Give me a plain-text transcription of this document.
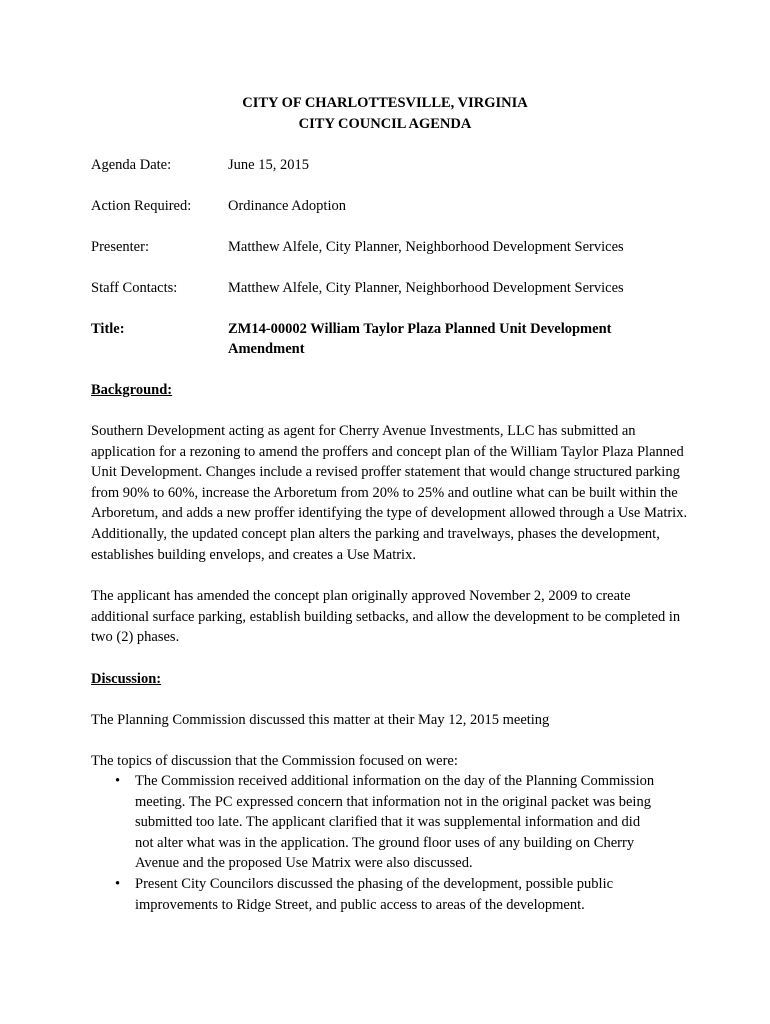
CITY OF CHARLOTTESVILLE, VIRGINIA
CITY COUNCIL AGENDA
Agenda Date:	June 15, 2015
Action Required:	Ordinance Adoption
Presenter:	Matthew Alfele, City Planner, Neighborhood Development Services
Staff Contacts:	Matthew Alfele, City Planner, Neighborhood Development Services
Title:	ZM14-00002 William Taylor Plaza Planned Unit Development Amendment
Background:

Southern Development acting as agent for Cherry Avenue Investments, LLC has submitted an application for a rezoning to amend the proffers and concept plan of the William Taylor Plaza Planned Unit Development. Changes include a revised proffer statement that would change structured parking from 90% to 60%, increase the Arboretum from 20% to 25% and outline what can be built within the Arboretum, and adds a new proffer identifying the type of development allowed through a Use Matrix. Additionally, the updated concept plan alters the parking and travelways, phases the development, establishes building envelops, and creates a Use Matrix.

The applicant has amended the concept plan originally approved November 2, 2009 to create additional surface parking, establish building setbacks, and allow the development to be completed in two (2) phases.

Discussion:

The Planning Commission discussed this matter at their May 12, 2015 meeting

The topics of discussion that the Commission focused on were:

• The Commission received additional information on the day of the Planning Commission meeting. The PC expressed concern that information not in the original packet was being submitted too late. The applicant clarified that it was supplemental information and did not alter what was in the application. The ground floor uses of any building on Cherry Avenue and the proposed Use Matrix were also discussed.
• Present City Councilors discussed the phasing of the development, possible public improvements to Ridge Street, and public access to areas of the development.
